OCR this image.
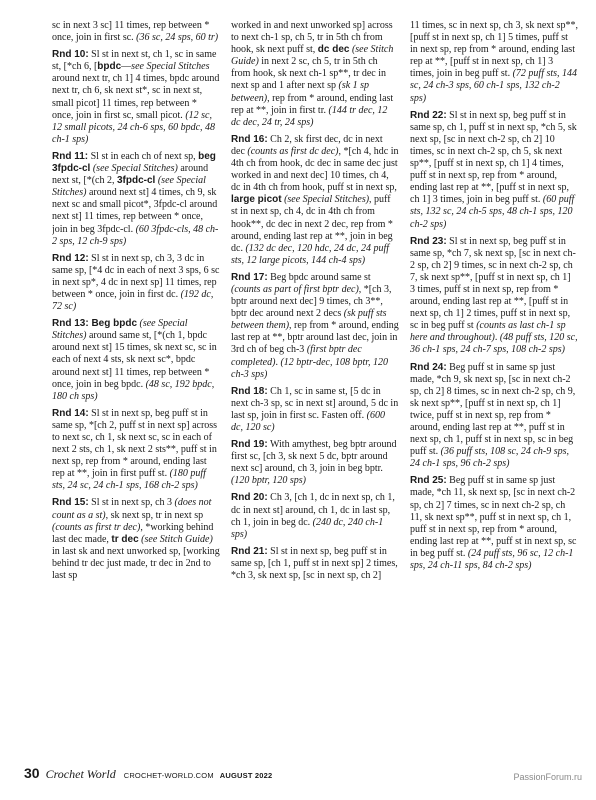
sc in next 3 sc] 11 times, rep between * once, join in first sc. (36 sc, 24 sps, 60 tr)

Rnd 10: Sl st in next st, ch 1, sc in same st, [*ch 6, [bpdc—see Special Stitches around next tr, ch 1] 4 times, bpdc around next tr, ch 6, sk next st*, sc in next st, small picot] 11 times, rep between * once, join in first sc, small picot. (12 sc, 12 small picots, 24 ch-6 sps, 60 bpdc, 48 ch-1 sps)

Rnd 11: Sl st in each ch of next sp, beg 3fpdc-cl (see Special Stitches) around next st, [*(ch 2, 3fpdc-cl (see Special Stitches) around next st] 4 times, ch 9, sk next sc and small picot*, 3fpdc-cl around next st] 11 times, rep between * once, join in beg 3fpdc-cl. (60 3fpdc-cls, 48 ch-2 sps, 12 ch-9 sps)

Rnd 12: Sl st in next sp, ch 3, 3 dc in same sp, [*4 dc in each of next 3 sps, 6 sc in next sp*, 4 dc in next sp] 11 times, rep between * once, join in first dc. (192 dc, 72 sc)

Rnd 13: Beg bpdc (see Special Stitches) around same st, [*(ch 1, bpdc around next st] 15 times, sk next sc, sc in each of next 4 sts, sk next sc*, bpdc around next st] 11 times, rep between * once, join in beg bpdc. (48 sc, 192 bpdc, 180 ch sps)

Rnd 14: Sl st in next sp, beg puff st in same sp, *[ch 2, puff st in next sp] across to next sc, ch 1, sk next sc, sc in each of next 2 sts, ch 1, sk next 2 sts**, puff st in next sp, rep from * around, ending last rep at **, join in first puff st. (180 puff sts, 24 sc, 24 ch-1 sps, 168 ch-2 sps)

Rnd 15: Sl st in next sp, ch 3 (does not count as a st), sk next sp, tr in next sp (counts as first tr dec), *working behind last dec made, tr dec (see Stitch Guide) in last sk and next unworked sp, [working behind tr dec just made, tr dec in 2nd to last sp

worked in and next unworked sp] across to next ch-1 sp, ch 5, tr in 5th ch from hook, sk next puff st, dc dec (see Stitch Guide) in next 2 sc, ch 5, tr in 5th ch from hook, sk next ch-1 sp**, tr dec in next sp and 1 after next sp (sk 1 sp between), rep from * around, ending last rep at **, join in first tr. (144 tr dec, 12 dc dec, 24 tr, 24 sps)

Rnd 16: Ch 2, sk first dec, dc in next dec (counts as first dc dec), *[ch 4, hdc in 4th ch from hook, dc dec in same dec just worked in and next dec] 10 times, ch 4, dc in 4th ch from hook, puff st in next sp, large picot (see Special Stitches), puff st in next sp, ch 4, dc in 4th ch from hook**, dc dec in next 2 dec, rep from * around, ending last rep at **, join in beg dc. (132 dc dec, 120 hdc, 24 dc, 24 puff sts, 12 large picots, 144 ch-4 sps)

Rnd 17: Beg bpdc around same st (counts as part of first bptr dec), *[ch 3, bptr around next dec] 9 times, ch 3**, bptr dec around next 2 decs (sk puff sts between them), rep from * around, ending last rep at **, bptr around last dec, join in 3rd ch of beg ch-3 (first bptr dec completed). (12 bptr-dec, 108 bptr, 120 ch-3 sps)

Rnd 18: Ch 1, sc in same st, [5 dc in next ch-3 sp, sc in next st] around, 5 dc in last sp, join in first sc. Fasten off. (600 dc, 120 sc)

Rnd 19: With amythest, beg bptr around first sc, [ch 3, sk next 5 dc, bptr around next sc] around, ch 3, join in beg bptr. (120 bptr, 120 sps)

Rnd 20: Ch 3, [ch 1, dc in next sp, ch 1, dc in next st] around, ch 1, dc in last sp, ch 1, join in beg dc. (240 dc, 240 ch-1 sps)

Rnd 21: Sl st in next sp, beg puff st in same sp, [ch 1, puff st in next sp] 2 times, *ch 3, sk next sp, [sc in next sp, ch 2]

11 times, sc in next sp, ch 3, sk next sp**, [puff st in next sp, ch 1] 5 times, puff st in next sp, rep from * around, ending last rep at **, [puff st in next sp, ch 1] 3 times, join in beg puff st. (72 puff sts, 144 sc, 24 ch-3 sps, 60 ch-1 sps, 132 ch-2 sps)

Rnd 22: Sl st in next sp, beg puff st in same sp, ch 1, puff st in next sp, *ch 5, sk next sp, [sc in next ch-2 sp, ch 2] 10 times, sc in next ch-2 sp, ch 5, sk next sp**, [puff st in next sp, ch 1] 4 times, puff st in next sp, rep from * around, ending last rep at **, [puff st in next sp, ch 1] 3 times, join in beg puff st. (60 puff sts, 132 sc, 24 ch-5 sps, 48 ch-1 sps, 120 ch-2 sps)

Rnd 23: Sl st in next sp, beg puff st in same sp, *ch 7, sk next sp, [sc in next ch-2 sp, ch 2] 9 times, sc in next ch-2 sp, ch 7, sk next sp**, [puff st in next sp, ch 1] 3 times, puff st in next sp, rep from * around, ending last rep at **, [puff st in next sp, ch 1] 2 times, puff st in next sp, sc in beg puff st (counts as last ch-1 sp here and throughout). (48 puff sts, 120 sc, 36 ch-1 sps, 24 ch-7 sps, 108 ch-2 sps)

Rnd 24: Beg puff st in same sp just made, *ch 9, sk next sp, [sc in next ch-2 sp, ch 2] 8 times, sc in next ch-2 sp, ch 9, sk next sp**, [puff st in next sp, ch 1] twice, puff st in next sp, rep from * around, ending last rep at **, puff st in next sp, ch 1, puff st in next sp, sc in beg puff st. (36 puff sts, 108 sc, 24 ch-9 sps, 24 ch-1 sps, 96 ch-2 sps)

Rnd 25: Beg puff st in same sp just made, *ch 11, sk next sp, [sc in next ch-2 sp, ch 2] 7 times, sc in next ch-2 sp, ch 11, sk next sp**, puff st in next sp, ch 1, puff st in next sp, rep from * around, ending last rep at **, puff st in next sp, sc in beg puff st. (24 puff sts, 96 sc, 12 ch-1 sps, 24 ch-11 sps, 84 ch-2 sps)

30 Crochet World CROCHET-WORLD.COM AUGUST 2022	PassionForum.ru
